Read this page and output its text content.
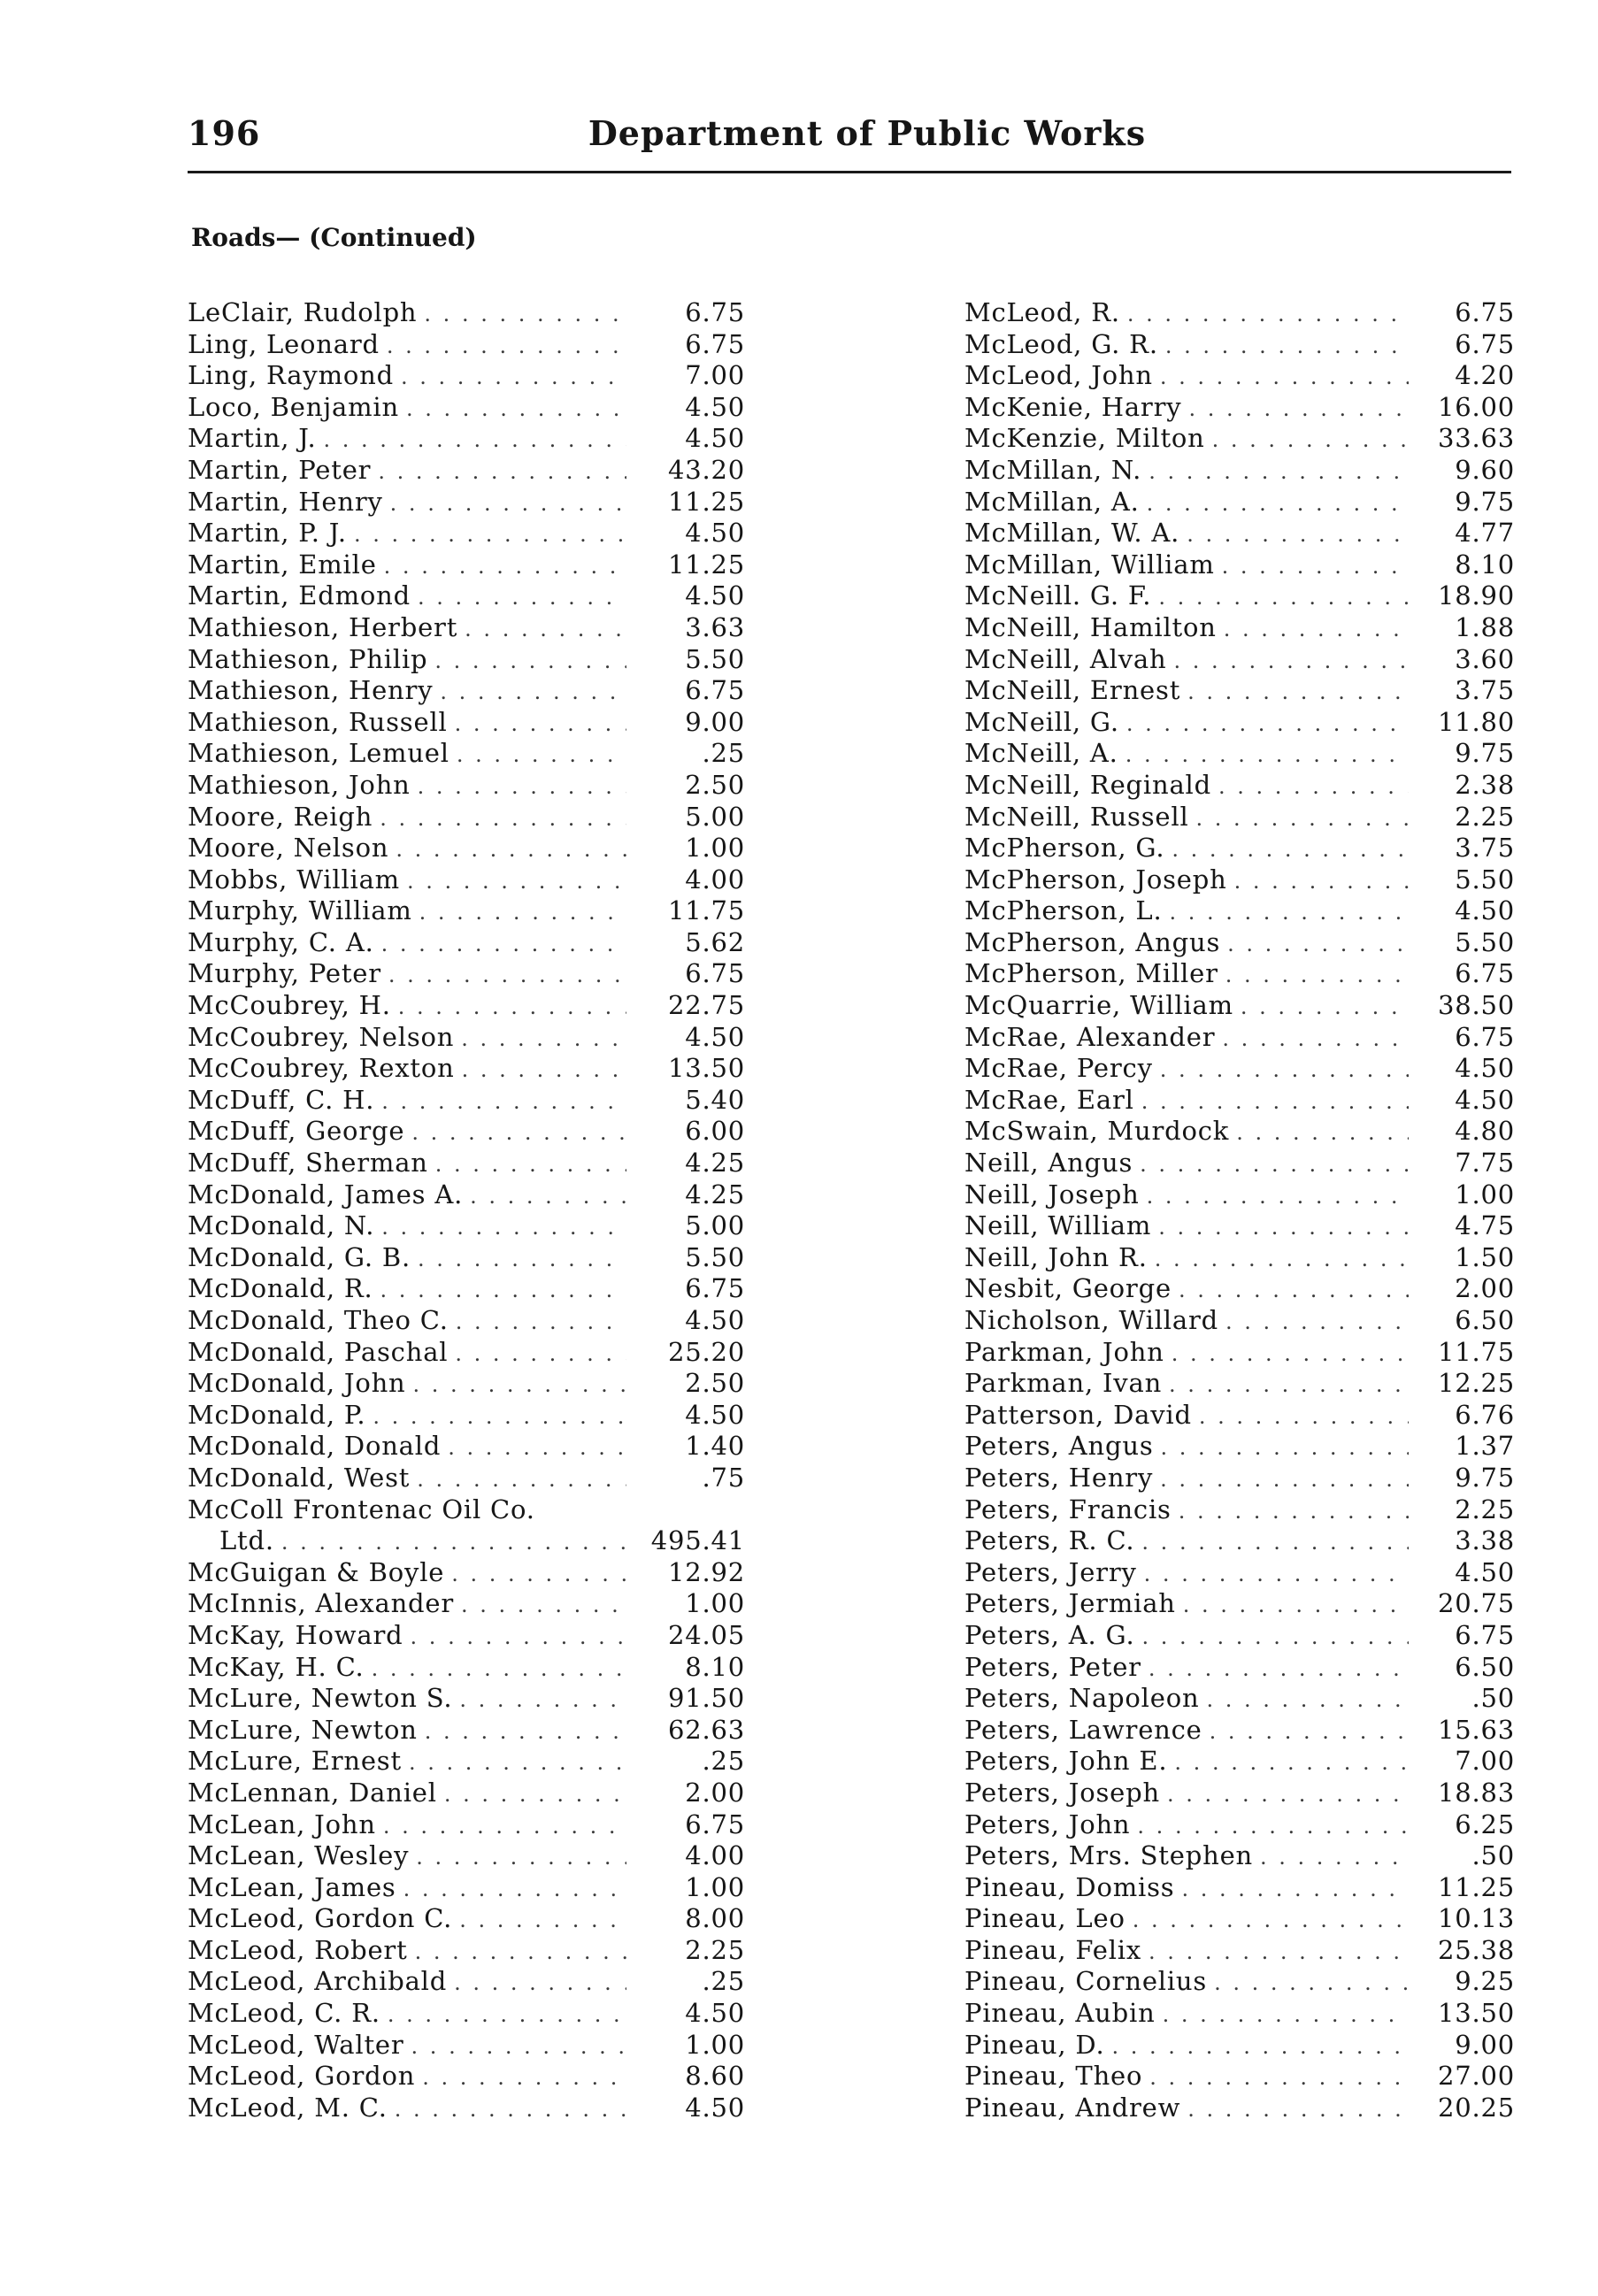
196	Department of Public Works
Roads— (Continued)
LeClair, Rudolph . . .	6.75
Ling, Leonard . . .	6.75
Ling, Raymond . . .	7.00
Loco, Benjamin . . .	4.50
Martin, J. . . .	4.50
Martin, Peter . . .	43.20
Martin, Henry . . .	11.25
Martin, P. J. . . .	4.50
Martin, Emile . . .	11.25
Martin, Edmond . . .	4.50
Mathieson, Herbert . . .	3.63
Mathieson, Philip . . .	5.50
Mathieson, Henry . . .	6.75
Mathieson, Russell . . .	9.00
Mathieson, Lemuel . . .	.25
Mathieson, John . . .	2.50
Moore, Reigh . . .	5.00
Moore, Nelson . . .	1.00
Mobbs, William . . .	4.00
Murphy, William . . .	11.75
Murphy, C. A. . . .	5.62
Murphy, Peter . . .	6.75
McCoubrey, H. . . .	22.75
McCoubrey, Nelson . . .	4.50
McCoubrey, Rexton . . .	13.50
McDuff, C. H. . . .	5.40
McDuff, George . . .	6.00
McDuff, Sherman . . .	4.25
McDonald, James A. . . .	4.25
McDonald, N. . . .	5.00
McDonald, G. B. . . .	5.50
McDonald, R. . . .	6.75
McDonald, Theo C. . . .	4.50
McDonald, Paschal . . .	25.20
McDonald, John . . .	2.50
McDonald, P. . . .	4.50
McDonald, Donald . . .	1.40
McDonald, West . . .	.75
McColl Frontenac Oil Co.
Ltd. . . .	495.41
McGuigan & Boyle . . .	12.92
McInnis, Alexander . . .	1.00
McKay, Howard . . .	24.05
McKay, H. C. . . .	8.10
McLure, Newton S. . . .	91.50
McLure, Newton . . .	62.63
McLure, Ernest . . .	.25
McLennan, Daniel . . .	2.00
McLean, John . . .	6.75
McLean, Wesley . . .	4.00
McLean, James . . .	1.00
McLeod, Gordon C. . . .	8.00
McLeod, Robert . . .	2.25
McLeod, Archibald . . .	.25
McLeod, C. R. . . .	4.50
McLeod, Walter . . .	1.00
McLeod, Gordon . . .	8.60
McLeod, M. C. . . .	4.50
McLeod, R. . . .	6.75
McLeod, G. R. . . .	6.75
McLeod, John . . .	4.20
McKenie, Harry . . .	16.00
McKenzie, Milton . . .	33.63
McMillan, N. . . .	9.60
McMillan, A. . . .	9.75
McMillan, W. A. . . .	4.77
McMillan, William . . .	8.10
McNeill. G. F. . . .	18.90
McNeill, Hamilton . . .	1.88
McNeill, Alvah . . .	3.60
McNeill, Ernest . . .	3.75
McNeill, G. . . .	11.80
McNeill, A. . . .	9.75
McNeill, Reginald . . .	2.38
McNeill, Russell . . .	2.25
McPherson, G. . . .	3.75
McPherson, Joseph . . .	5.50
McPherson, L. . . .	4.50
McPherson, Angus . . .	5.50
McPherson, Miller . . .	6.75
McQuarrie, William . . .	38.50
McRae, Alexander . . .	6.75
McRae, Percy . . .	4.50
McRae, Earl . . .	4.50
McSwain, Murdock . . .	4.80
Neill, Angus . . .	7.75
Neill, Joseph . . .	1.00
Neill, William . . .	4.75
Neill, John R. . . .	1.50
Nesbit, George . . .	2.00
Nicholson, Willard . . .	6.50
Parkman, John . . .	11.75
Parkman, Ivan . . .	12.25
Patterson, David . . .	6.76
Peters, Angus . . .	1.37
Peters, Henry . . .	9.75
Peters, Francis . . .	2.25
Peters, R. C. . . .	3.38
Peters, Jerry . . .	4.50
Peters, Jermiah . . .	20.75
Peters, A. G. . . .	6.75
Peters, Peter . . .	6.50
Peters, Napoleon . . .	.50
Peters, Lawrence . . .	15.63
Peters, John E. . . .	7.00
Peters, Joseph . . .	18.83
Peters, John . . .	6.25
Peters, Mrs. Stephen . . .	.50
Pineau, Domiss . . .	11.25
Pineau, Leo . . .	10.13
Pineau, Felix . . .	25.38
Pineau, Cornelius . . .	9.25
Pineau, Aubin . . .	13.50
Pineau, D. . . .	9.00
Pineau, Theo . . .	27.00
Pineau, Andrew . . .	20.25
